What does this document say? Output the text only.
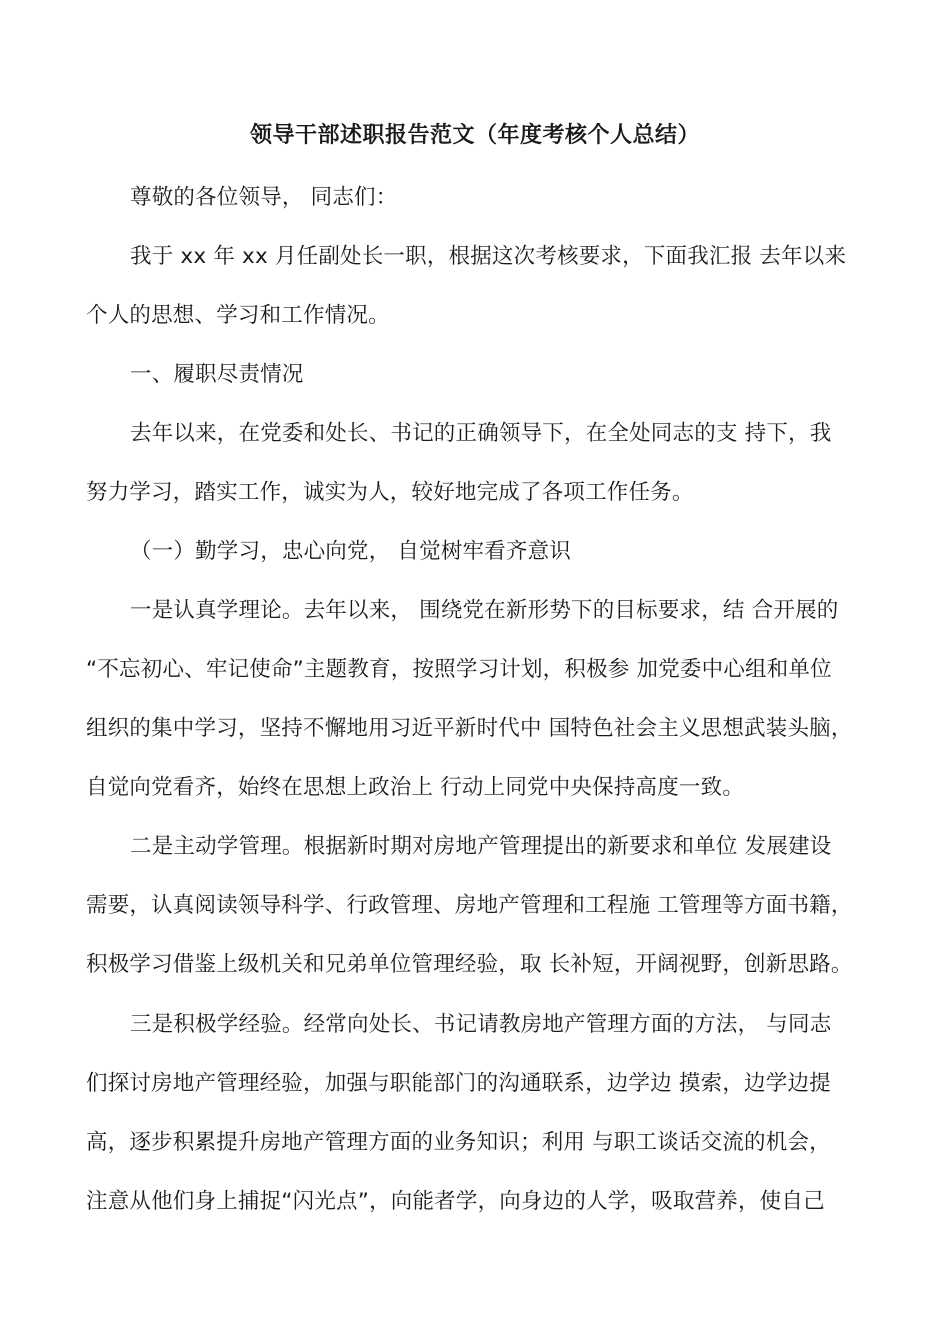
领导干部述职报告范文（年度考核个人总结）
尊敬的各位领导， 同志们：
我于 xx 年 xx 月任副处长一职，根据这次考核要求，下面我汇报 去年以来
个人的思想、学习和工作情况。
一、履职尽责情况
去年以来，在党委和处长、书记的正确领导下，在全处同志的支 持下，我
努力学习，踏实工作，诚实为人，较好地完成了各项工作任务。
（一）勤学习，忠心向党， 自觉树牢看齐意识
一是认真学理论。去年以来， 围绕党在新形势下的目标要求，结 合开展的
“不忘初心、牢记使命”主题教育，按照学习计划，积极参 加党委中心组和单位
组织的集中学习，坚持不懈地用习近平新时代中 国特色社会主义思想武装头脑，
自觉向党看齐，始终在思想上政治上 行动上同党中央保持高度一致。
二是主动学管理。根据新时期对房地产管理提出的新要求和单位 发展建设
需要，认真阅读领导科学、行政管理、房地产管理和工程施 工管理等方面书籍，
积极学习借鉴上级机关和兄弟单位管理经验，取 长补短，开阔视野，创新思路。
三是积极学经验。经常向处长、书记请教房地产管理方面的方法， 与同志
们探讨房地产管理经验，加强与职能部门的沟通联系，边学边 摸索，边学边提
高，逐步积累提升房地产管理方面的业务知识；利用 与职工谈话交流的机会，
注意从他们身上捕捉“闪光点”，向能者学，向身边的人学，吸取营养，使自己
